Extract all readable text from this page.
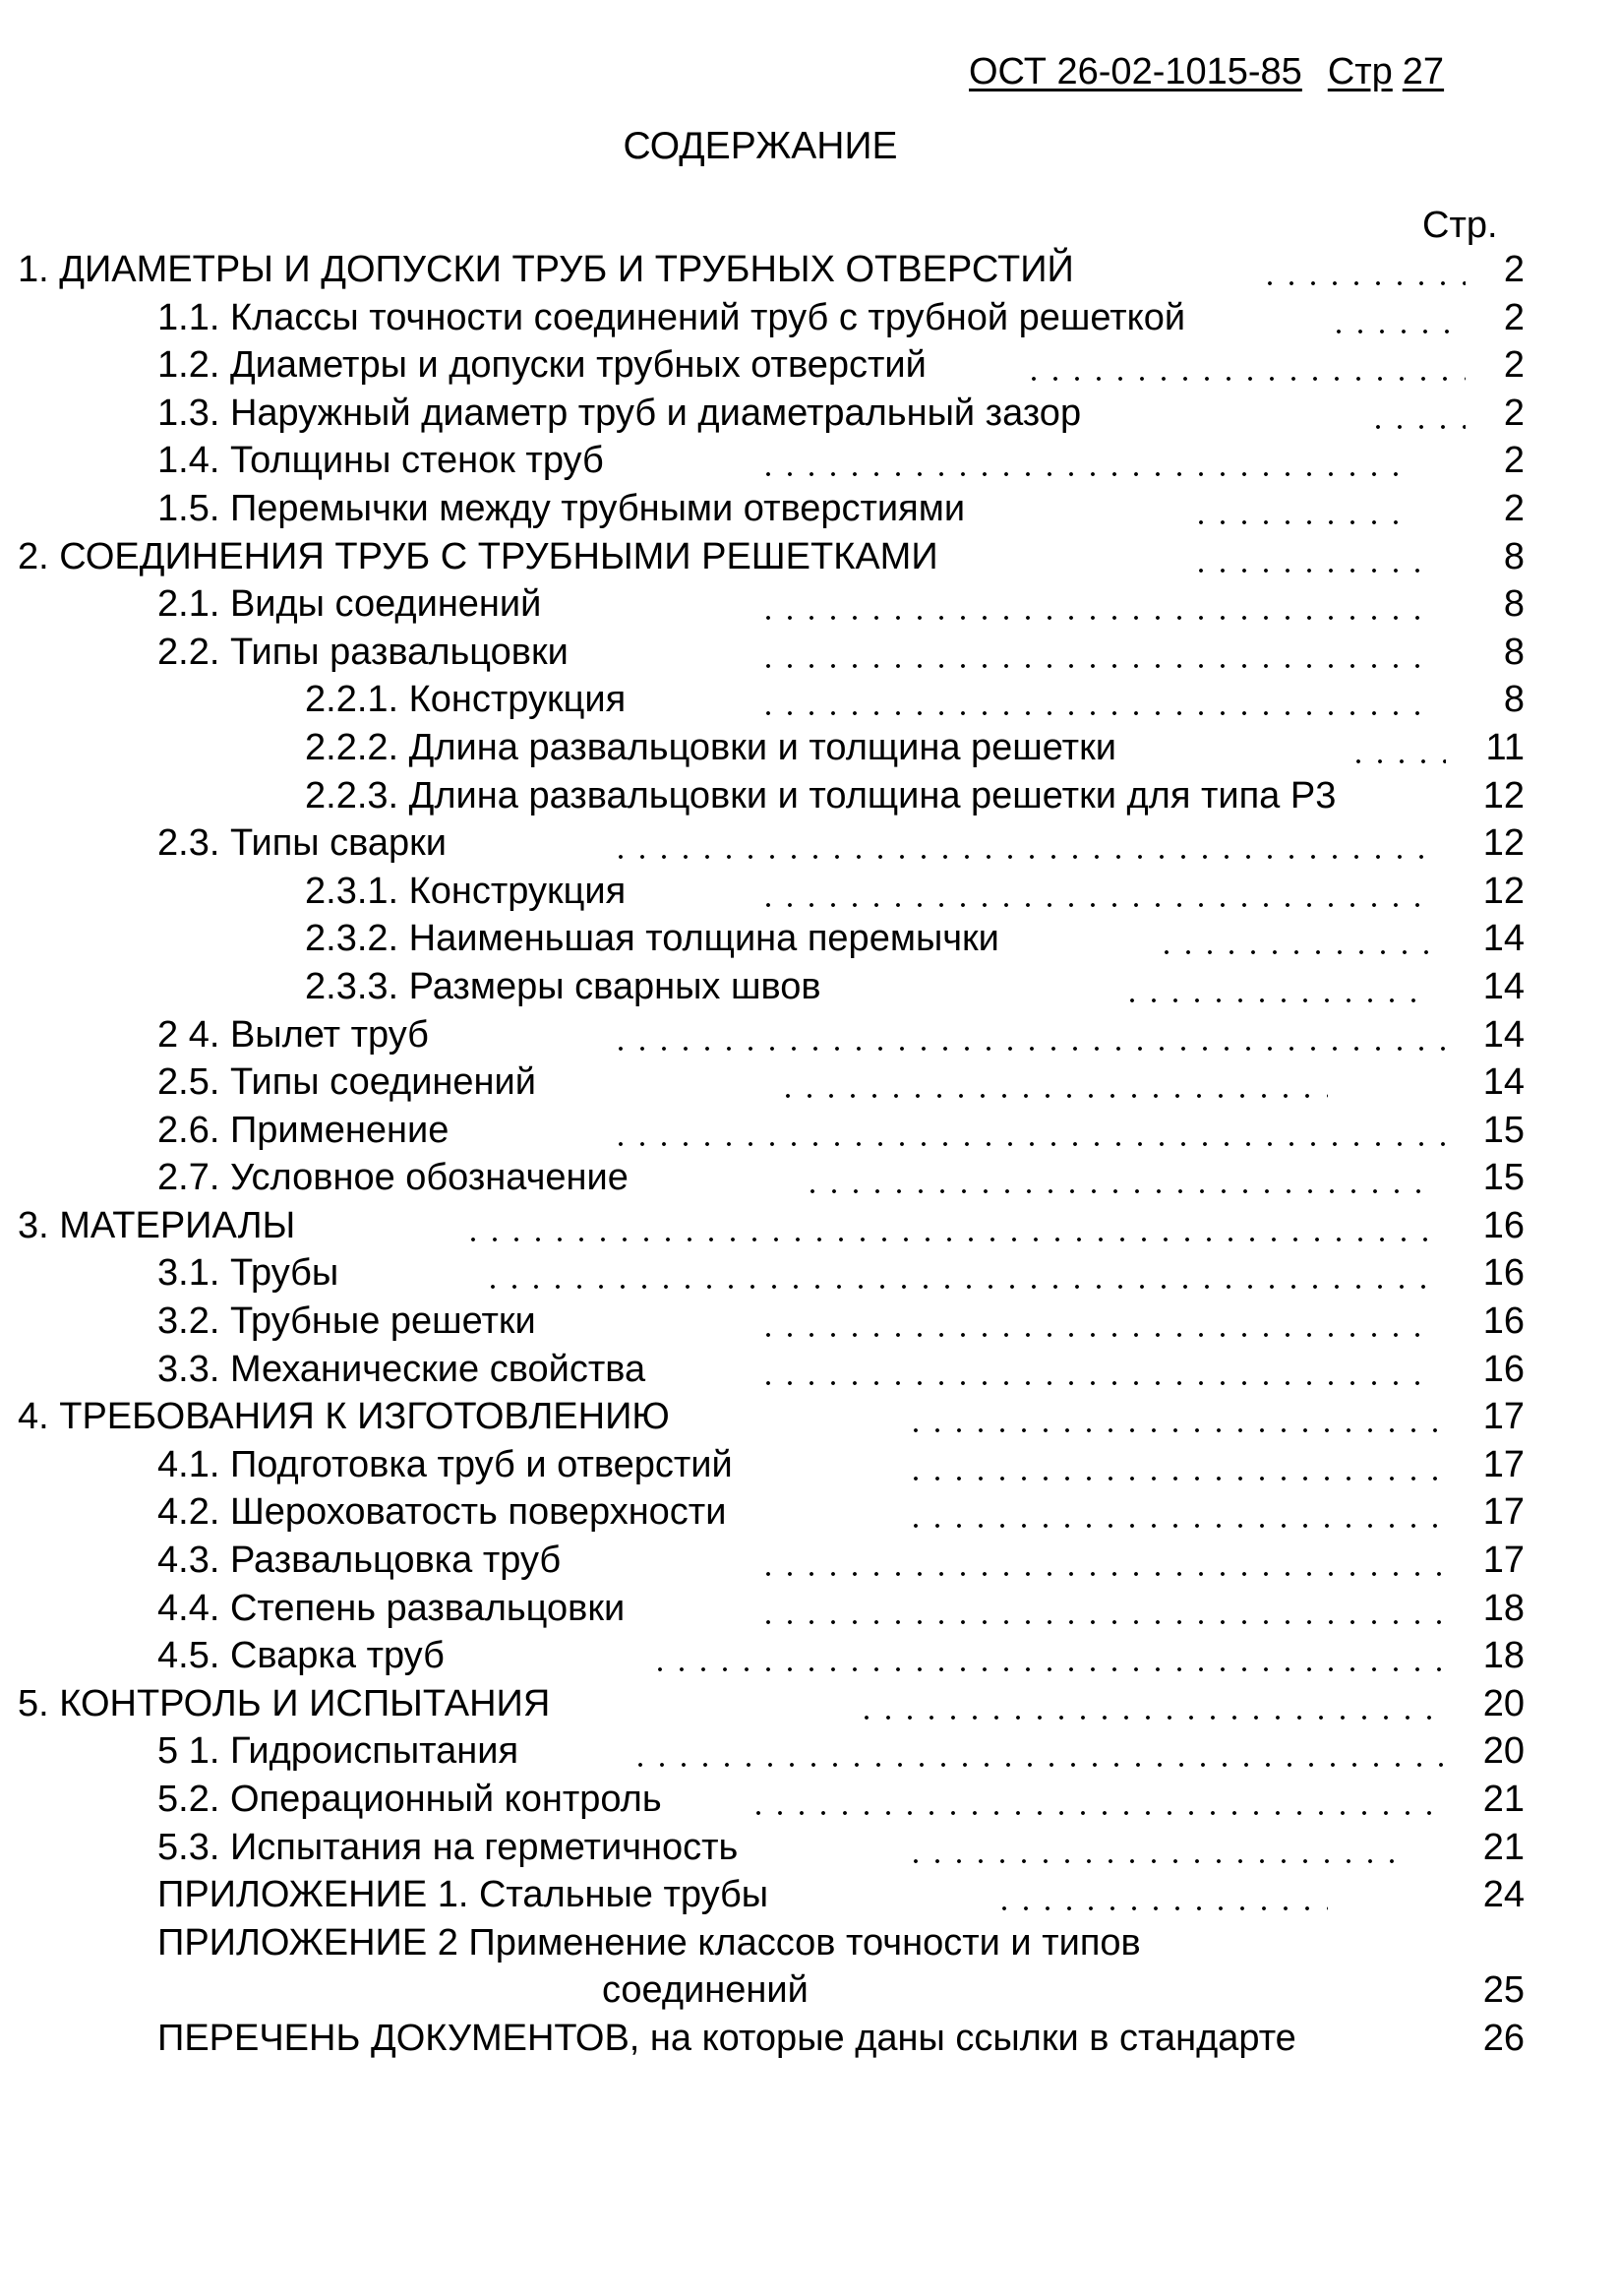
ОСТ 26-02-1015-85 Стр 27
СОДЕРЖАНИЕ
Стр.
1. ДИАМЕТРЫ И ДОПУСКИ ТРУБ И ТРУБНЫХ ОТВЕРСТИЙ	2
1.1. Классы точности соединений труб с трубной решеткой	2
1.2. Диаметры и допуски трубных отверстий	2
1.3. Наружный диаметр труб и диаметральный зазор	2
1.4. Толщины стенок труб	2
1.5. Перемычки между трубными отверстиями	2
2. СОЕДИНЕНИЯ ТРУБ С ТРУБНЫМИ РЕШЕТКАМИ	8
2.1. Виды соединений	8
2.2. Типы развальцовки	8
2.2.1. Конструкция	8
2.2.2. Длина развальцовки и толщина решетки	11
2.2.3. Длина развальцовки и толщина решетки для типа Р3	12
2.3. Типы сварки	12
2.3.1. Конструкция	12
2.3.2. Наименьшая толщина перемычки	14
2.3.3. Размеры сварных швов	14
2 4. Вылет труб	14
2.5. Типы соединений	14
2.6. Применение	15
2.7. Условное обозначение	15
3. МАТЕРИАЛЫ	16
3.1. Трубы	16
3.2. Трубные решетки	16
3.3. Механические свойства	16
4. ТРЕБОВАНИЯ К ИЗГОТОВЛЕНИЮ	17
4.1. Подготовка труб и отверстий	17
4.2. Шероховатость поверхности	17
4.3. Развальцовка труб	17
4.4. Степень развальцовки	18
4.5. Сварка труб	18
5. КОНТРОЛЬ И ИСПЫТАНИЯ	20
5 1. Гидроиспытания	20
5.2. Операционный контроль	21
5.3. Испытания на герметичность	21
ПРИЛОЖЕНИЕ 1. Стальные трубы	24
ПРИЛОЖЕНИЕ 2 Применение классов точности и типов
соединений	25
ПЕРЕЧЕНЬ ДОКУМЕНТОВ, на которые даны ссылки в стандарте	26
